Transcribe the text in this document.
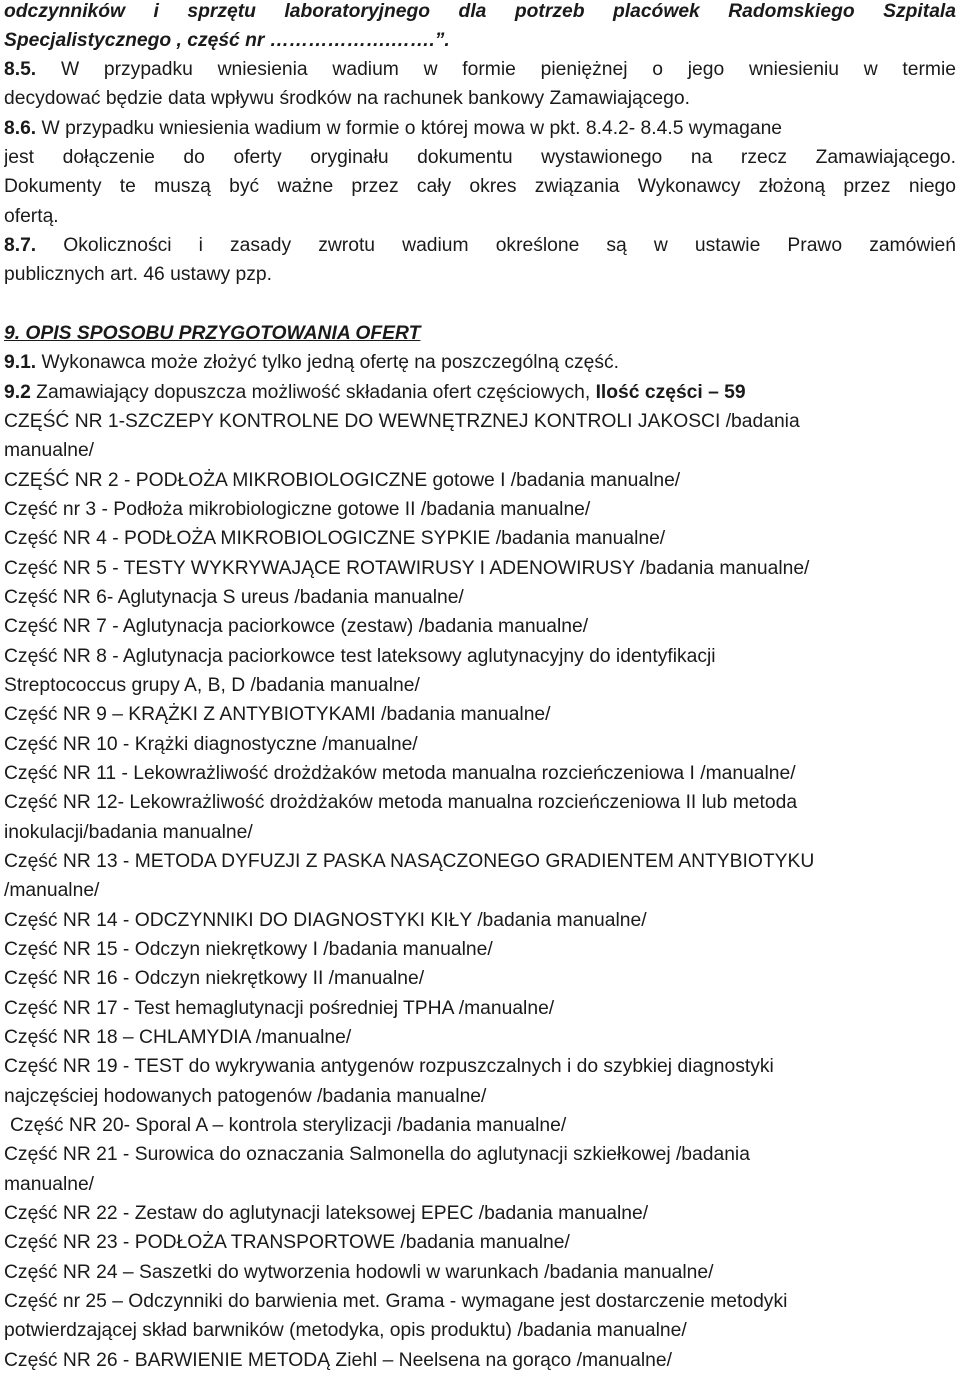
odczynników i sprzętu laboratoryjnego dla potrzeb placówek Radomskiego Szpitala
Specjalistycznego , część nr ……………….…….”.
8.5. W przypadku wniesienia wadium w formie pieniężnej o jego wniesieniu w termie
decydować będzie data wpływu środków na rachunek bankowy Zamawiającego.
8.6. W przypadku wniesienia wadium w formie o której mowa w pkt. 8.4.2- 8.4.5 wymagane
jest dołączenie do oferty oryginału dokumentu wystawionego na rzecz Zamawiającego.
Dokumenty te muszą być ważne przez cały okres związania Wykonawcy złożoną przez niego
ofertą.
8.7. Okoliczności i zasady zwrotu wadium określone są w ustawie Prawo zamówień
publicznych art. 46 ustawy pzp.
9. OPIS SPOSOBU PRZYGOTOWANIA OFERT
9.1. Wykonawca może złożyć tylko jedną ofertę na poszczególną część.
9.2 Zamawiający dopuszcza możliwość składania ofert częściowych, Ilość części – 59
CZĘŚĆ NR 1-SZCZEPY KONTROLNE DO WEWNĘTRZNEJ KONTROLI JAKOSCI /badania
manualne/
CZĘŚĆ NR 2 - PODŁOŻA MIKROBIOLOGICZNE gotowe I /badania manualne/
Część nr 3 - Podłoża mikrobiologiczne gotowe II /badania manualne/
Część NR 4 - PODŁOŻA MIKROBIOLOGICZNE SYPKIE /badania manualne/
Część NR 5 - TESTY WYKRYWAJĄCE ROTAWIRUSY I ADENOWIRUSY /badania manualne/
Część NR 6- Aglutynacja S ureus /badania manualne/
Część NR 7 - Aglutynacja paciorkowce (zestaw) /badania manualne/
Część NR 8 - Aglutynacja paciorkowce test lateksowy aglutynacyjny do identyfikacji
Streptococcus grupy A, B, D /badania manualne/
Część NR 9 – KRĄŻKI Z ANTYBIOTYKAMI /badania manualne/
Część NR 10 - Krążki diagnostyczne /manualne/
Część NR 11 - Lekowrażliwość drożdżaków metoda manualna rozcieńczeniowa I /manualne/
Część NR 12- Lekowrażliwość drożdżaków metoda manualna rozcieńczeniowa II lub metoda
inokulacji/badania manualne/
Część NR 13 - METODA DYFUZJI Z PASKA NASĄCZONEGO GRADIENTEM ANTYBIOTYKU
/manualne/
Część NR 14 - ODCZYNNIKI DO DIAGNOSTYKI KIŁY /badania manualne/
Część NR 15 - Odczyn niekrętkowy I /badania manualne/
Część NR 16 - Odczyn niekrętkowy II /manualne/
Część NR 17 - Test hemaglutynacji pośredniej TPHA /manualne/
Część NR 18 – CHLAMYDIA /manualne/
Część NR 19 - TEST do wykrywania antygenów rozpuszczalnych i do szybkiej diagnostyki
najczęściej hodowanych patogenów /badania manualne/
Część NR 20- Sporal A – kontrola sterylizacji /badania manualne/
Część NR 21 - Surowica do oznaczania Salmonella do aglutynacji szkiełkowej /badania
manualne/
Część NR 22 - Zestaw do aglutynacji lateksowej EPEC /badania manualne/
Część NR 23 - PODŁOŻA TRANSPORTOWE /badania manualne/
Część NR 24 – Saszetki do wytworzenia hodowli w warunkach /badania manualne/
Część nr 25 – Odczynniki do barwienia met. Grama - wymagane jest dostarczenie metodyki
potwierdzającej skład barwników (metodyka, opis produktu) /badania manualne/
Część NR 26 - BARWIENIE METODĄ Ziehl – Neelsena na gorąco /manualne/
